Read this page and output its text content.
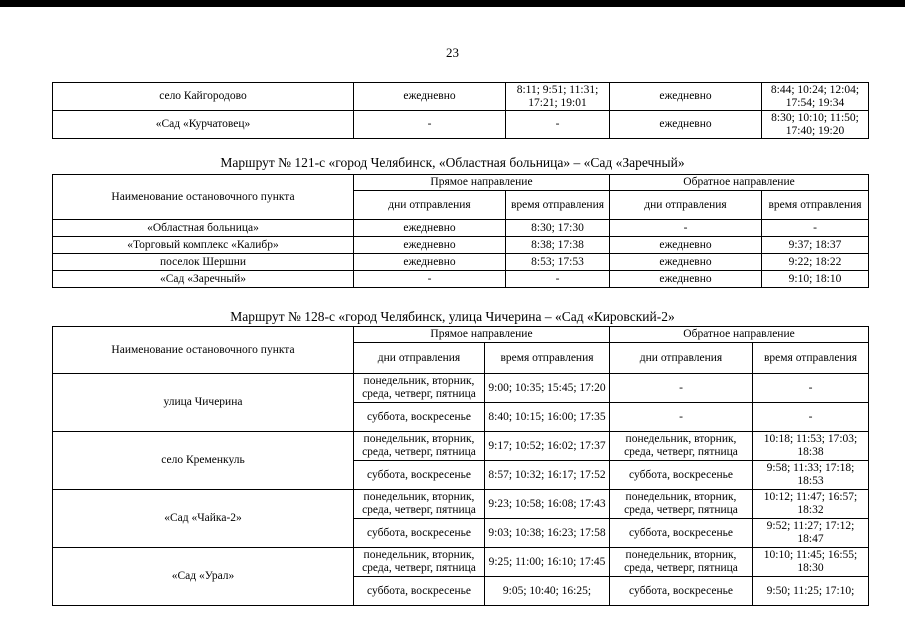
23
село Кайгородово	ежедневно	8:11; 9:51; 11:31; 17:21; 19:01	ежедневно	8:44; 10:24; 12:04; 17:54; 19:34
«Сад «Курчатовец»	-	-	ежедневно	8:30; 10:10; 11:50; 17:40; 19:20
Маршрут № 121-с «город Челябинск, «Областная больница» – «Сад «Заречный»
Наименование остановочного пункта	Прямое направление		Обратное направление	
	дни отправления	время отправления	дни отправления	время отправления
«Областная больница»	ежедневно	8:30; 17:30	-	-
«Торговый комплекс «Калибр»	ежедневно	8:38; 17:38	ежедневно	9:37; 18:37
поселок Шершни	ежедневно	8:53; 17:53	ежедневно	9:22; 18:22
«Сад «Заречный»	-	-	ежедневно	9:10; 18:10
Маршрут № 128-с «город Челябинск, улица Чичерина – «Сад «Кировский-2»
Наименование остановочного пункта	Прямое направление		Обратное направление	
	дни отправления	время отправления	дни отправления	время отправления
улица Чичерина	понедельник, вторник, среда, четверг, пятница	9:00; 10:35; 15:45; 17:20	-	-
	суббота, воскресенье	8:40; 10:15; 16:00; 17:35	-	-
село Кременкуль	понедельник, вторник, среда, четверг, пятница	9:17; 10:52; 16:02; 17:37	понедельник, вторник, среда, четверг, пятница	10:18; 11:53; 17:03; 18:38
	суббота, воскресенье	8:57; 10:32; 16:17; 17:52	суббота, воскресенье	9:58; 11:33; 17:18; 18:53
«Сад «Чайка-2»	понедельник, вторник, среда, четверг, пятница	9:23; 10:58; 16:08; 17:43	понедельник, вторник, среда, четверг, пятница	10:12; 11:47; 16:57; 18:32
	суббота, воскресенье	9:03; 10:38; 16:23; 17:58	суббота, воскресенье	9:52; 11:27; 17:12; 18:47
«Сад «Урал»	понедельник, вторник, среда, четверг, пятница	9:25; 11:00; 16:10; 17:45	понедельник, вторник, среда, четверг, пятница	10:10; 11:45; 16:55; 18:30
	суббота, воскресенье	9:05; 10:40; 16:25;	суббота, воскресенье	9:50; 11:25; 17:10;
